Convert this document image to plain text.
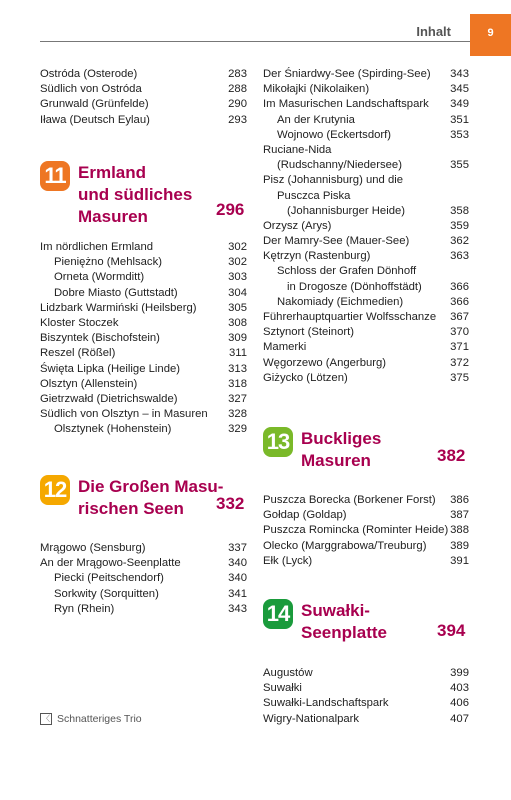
Inhalt	9
Ostróda (Osterode)	283
Südlich von Ostróda	288
Grunwald (Grünfelde)	290
Iława (Deutsch Eylau)	293
11 Ermland
und südliches
Masuren	296
Im nördlichen Ermland	302
Pieniężno (Mehlsack)	302
Orneta (Wormditt)	303
Dobre Miasto (Guttstadt)	304
Lidzbark Warmiński (Heilsberg)	305
Kloster Stoczek	308
Biszyntek (Bischofstein)	309
Reszel (Rößel)	311
Święta Lipka (Heilige Linde)	313
Olsztyn (Allenstein)	318
Gietrzwałd (Dietrichswalde)	327
Südlich von Olsztyn – in Masuren 328
Olsztynek (Hohenstein)	329
12 Die Großen Masu-
rischen Seen	332
Mrągowo (Sensburg)	337
An der Mrągowo-Seenplatte	340
Piecki (Peitschendorf)	340
Sorkwity (Sorquitten)	341
Ryn (Rhein)	343
Der Śniardwy-See (Spirding-See) 343
Mikołajki (Nikolaiken)	345
Im Masurischen Landschaftspark 349
An der Krutynia	351
Wojnowo (Eckertsdorf)	353
Ruciane-Nida
(Rudschanny/Niedersee)	355
Pisz (Johannisburg) und die
Pusczca Piska
(Johannisburger Heide)	358
Orzysz (Arys)	359
Der Mamry-See (Mauer-See)	362
Kętrzyn (Rastenburg)	363
Schloss der Grafen Dönhoff
in Drogosze (Dönhoffstädt)	366
Nakomiady (Eichmedien)	366
Führerhauptquartier Wolfsschanze 367
Sztynort (Steinort)	370
Mamerki	371
Węgorzewo (Angerburg)	372
Giżycko (Lötzen)	375
13 Buckliges
Masuren	382
Puszcza Borecka (Borkener Forst) 386
Gołdap (Goldap)	387
Puszcza Romincka (Rominter Heide) 388
Olecko (Marggrabowa/Treuburg) 389
Ełk (Lyck)	391
14 Suwałki-
Seenplatte	394
Augustów	399
Suwałki	403
Suwałki-Landschaftspark	406
Wigry-Nationalpark	407
〈 Schnatteriges Trio
